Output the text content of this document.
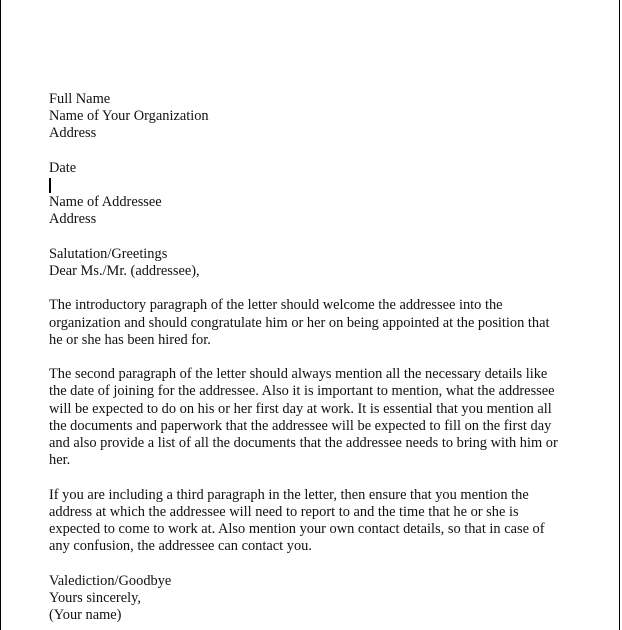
Full Name
Name of Your Organization
Address
Date
Name of Addressee
Address
Salutation/Greetings
Dear Ms./Mr. (addressee),
The introductory paragraph of the letter should welcome the addressee into the
organization and should congratulate him or her on being appointed at the position that
he or she has been hired for.
The second paragraph of the letter should always mention all the necessary details like
the date of joining for the addressee. Also it is important to mention, what the addressee
will be expected to do on his or her first day at work. It is essential that you mention all
the documents and paperwork that the addressee will be expected to fill on the first day
and also provide a list of all the documents that the addressee needs to bring with him or
her.
If you are including a third paragraph in the letter, then ensure that you mention the
address at which the addressee will need to report to and the time that he or she is
expected to come to work at. Also mention your own contact details, so that in case of
any confusion, the addressee can contact you.
Valediction/Goodbye
Yours sincerely,
(Your name)
